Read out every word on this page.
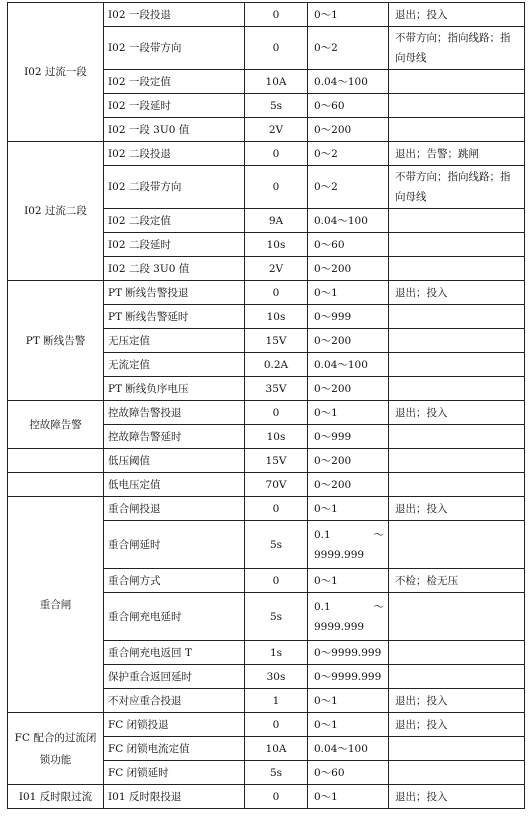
I02 过流一段	I02 一段投退	0	0～1	退出；投入
	I02 一段带方向	0	0～2	不带方向；指向线路；指向母线
	I02 一段定值	10A	0.04～100	
	I02 一段延时	5s	0～60	
	I02 一段 3U0 值	2V	0～200	
I02 过流二段	I02 二段投退	0	0～2	退出；告警；跳闸
	I02 二段带方向	0	0～2	不带方向；指向线路；指向母线
	I02 二段定值	9A	0.04～100	
	I02 二段延时	10s	0～60	
	I02 二段 3U0 值	2V	0～200	
PT 断线告警	PT 断线告警投退	0	0～1	退出；投入
	PT 断线告警延时	10s	0～999	
	无压定值	15V	0～200	
	无流定值	0.2A	0.04～100	
	PT 断线负序电压	35V	0～200	
控故障告警	控故障告警投退	0	0～1	退出；投入
	控故障告警延时	10s	0～999	
	低压阈值	15V	0～200	
	低电压定值	70V	0～200	
重合闸	重合闸投退	0	0～1	退出；投入
	重合闸延时	5s	0.1 ～
9999.999	

	重合闸方式	0	0～1	不检；检无压
	重合闸充电延时	5s	0.1 ～
9999.999	

	重合闸充电返回 T	1s	0～9999.999	
	保护重合返回延时	30s	0～9999.999	
	不对应重合投退	1	0～1	退出；投入
FC 配合的过流闭锁功能	FC 闭锁投退	0	0～1	退出；投入
	FC 闭锁电流定值	10A	0.04～100	
	FC 闭锁延时	5s	0～60	
I01 反时限过流	I01 反时限投退	0	0～1	退出；投入
